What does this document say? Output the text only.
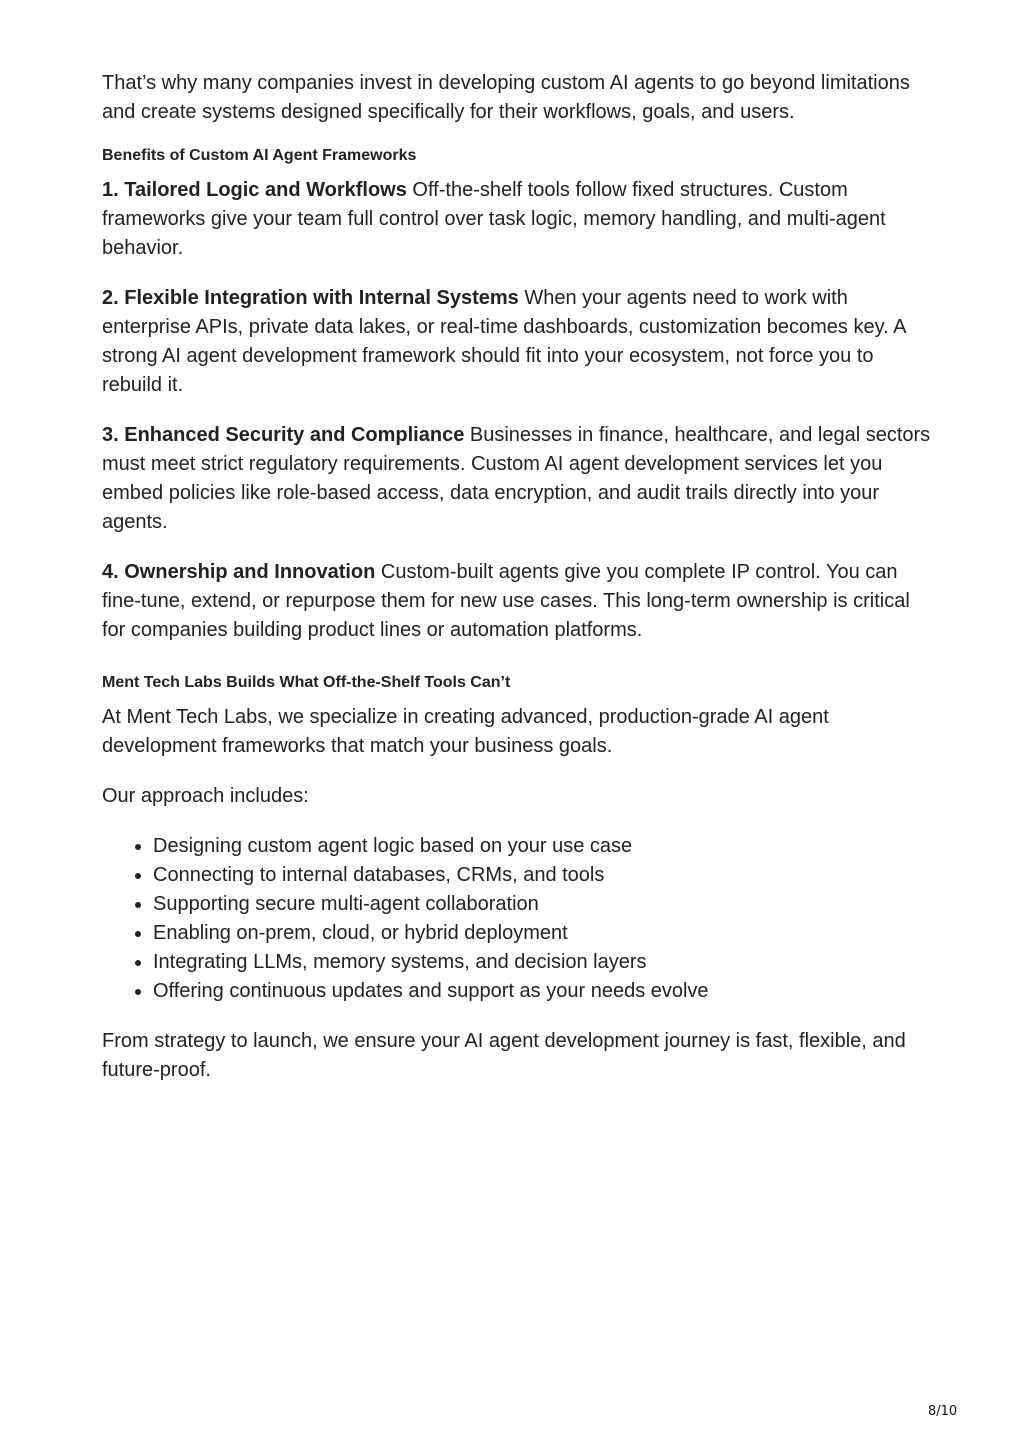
That’s why many companies invest in developing custom AI agents to go beyond limitations and create systems designed specifically for their workflows, goals, and users.

Benefits of Custom AI Agent Frameworks

1. Tailored Logic and Workflows Off-the-shelf tools follow fixed structures. Custom frameworks give your team full control over task logic, memory handling, and multi-agent behavior.

2. Flexible Integration with Internal Systems When your agents need to work with enterprise APIs, private data lakes, or real-time dashboards, customization becomes key. A strong AI agent development framework should fit into your ecosystem, not force you to rebuild it.

3. Enhanced Security and Compliance Businesses in finance, healthcare, and legal sectors must meet strict regulatory requirements. Custom AI agent development services let you embed policies like role-based access, data encryption, and audit trails directly into your agents.

4. Ownership and Innovation Custom-built agents give you complete IP control. You can fine-tune, extend, or repurpose them for new use cases. This long-term ownership is critical for companies building product lines or automation platforms.

Ment Tech Labs Builds What Off-the-Shelf Tools Can’t

At Ment Tech Labs, we specialize in creating advanced, production-grade AI agent development frameworks that match your business goals.

Our approach includes:

• Designing custom agent logic based on your use case
• Connecting to internal databases, CRMs, and tools
• Supporting secure multi-agent collaboration
• Enabling on-prem, cloud, or hybrid deployment
• Integrating LLMs, memory systems, and decision layers
• Offering continuous updates and support as your needs evolve

From strategy to launch, we ensure your AI agent development journey is fast, flexible, and future-proof.

8/10
